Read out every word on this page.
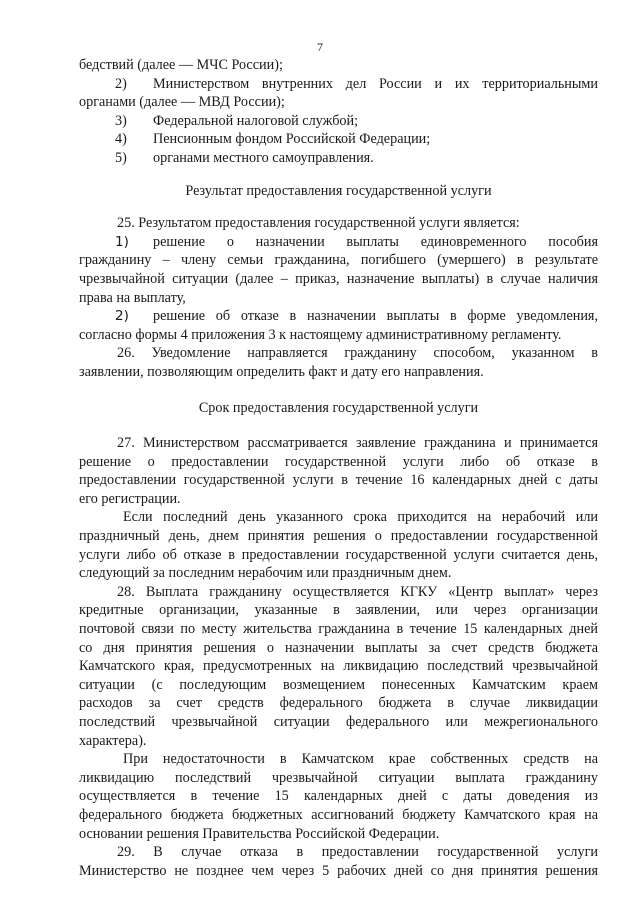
7

бедствий (далее — МЧС России);

2)	Министерством внутренних дел России и их территориальными

органами (далее — МВД России);

3)	Федеральной налоговой службой;
4)	Пенсионным фондом Российской Федерации;
5)	органами местного самоуправления.

Результат предоставления государственной услуги

25. Результатом предоставления государственной услуги является:

1)	решение о назначении выплаты единовременного пособия

гражданину – члену семьи гражданина, погибшего (умершего) в результате

чрезвычайной ситуации (далее – приказ, назначение выплаты) в случае наличия

права на выплату,

2)	решение об отказе в назначении выплаты в форме уведомления,

согласно формы 4 приложения 3 к настоящему административному регламенту.

26. Уведомление направляется гражданину способом, указанном в

заявлении, позволяющим определить факт и дату его направления.

Срок предоставления государственной услуги

27. Министерством рассматривается заявление гражданина и принимается

решение о предоставлении государственной услуги либо об отказе в

предоставлении государственной услуги в течение 16 календарных дней с даты

его регистрации.

Если последний день указанного срока приходится на нерабочий или

праздничный день, днем принятия решения о предоставлении государственной

услуги либо об отказе в предоставлении государственной услуги считается день,

следующий за последним нерабочим или праздничным днем.

28. Выплата гражданину осуществляется КГКУ «Центр выплат» через

кредитные организации, указанные в заявлении, или через организации

почтовой связи по месту жительства гражданина в течение 15 календарных дней

со дня принятия решения о назначении выплаты за счет средств бюджета

Камчатского края, предусмотренных на ликвидацию последствий чрезвычайной

ситуации (с последующим возмещением понесенных Камчатским краем

расходов за счет средств федерального бюджета в случае ликвидации

последствий чрезвычайной ситуации федерального или межрегионального

характера).

При недостаточности в Камчатском крае собственных средств на

ликвидацию последствий чрезвычайной ситуации выплата гражданину

осуществляется в течение 15 календарных дней с даты доведения из

федерального бюджета бюджетных ассигнований бюджету Камчатского края на

основании решения Правительства Российской Федерации.

29. В случае отказа в предоставлении государственной услуги

Министерство не позднее чем через 5 рабочих дней со дня принятия решения
